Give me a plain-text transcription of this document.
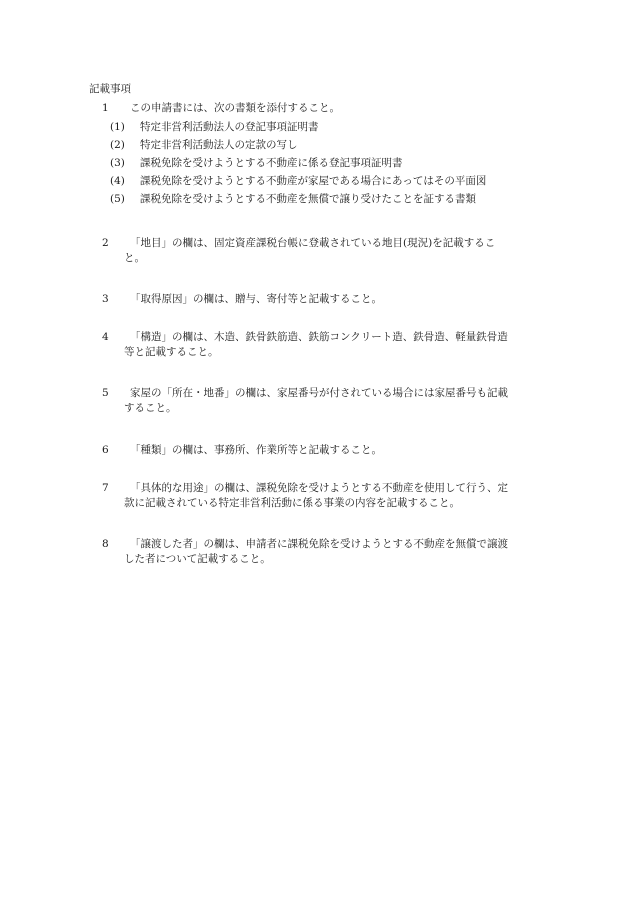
記載事項
1	この申請書には、次の書類を添付すること。
(1)	特定非営利活動法人の登記事項証明書
(2)	特定非営利活動法人の定款の写し
(3)	課税免除を受けようとする不動産に係る登記事項証明書
(4)	課税免除を受けようとする不動産が家屋である場合にあってはその平面図
(5)	課税免除を受けようとする不動産を無償で譲り受けたことを証する書類
2	「地目」の欄は、固定資産課税台帳に登載されている地目(現況)を記載するこ
と。
3	「取得原因」の欄は、贈与、寄付等と記載すること。
4	「構造」の欄は、木造、鉄骨鉄筋造、鉄筋コンクリート造、鉄骨造、軽量鉄骨造
等と記載すること。
5	家屋の「所在・地番」の欄は、家屋番号が付されている場合には家屋番号も記載
すること。
6	「種類」の欄は、事務所、作業所等と記載すること。
7	「具体的な用途」の欄は、課税免除を受けようとする不動産を使用して行う、定
款に記載されている特定非営利活動に係る事業の内容を記載すること。
8	「譲渡した者」の欄は、申請者に課税免除を受けようとする不動産を無償で譲渡
した者について記載すること。
